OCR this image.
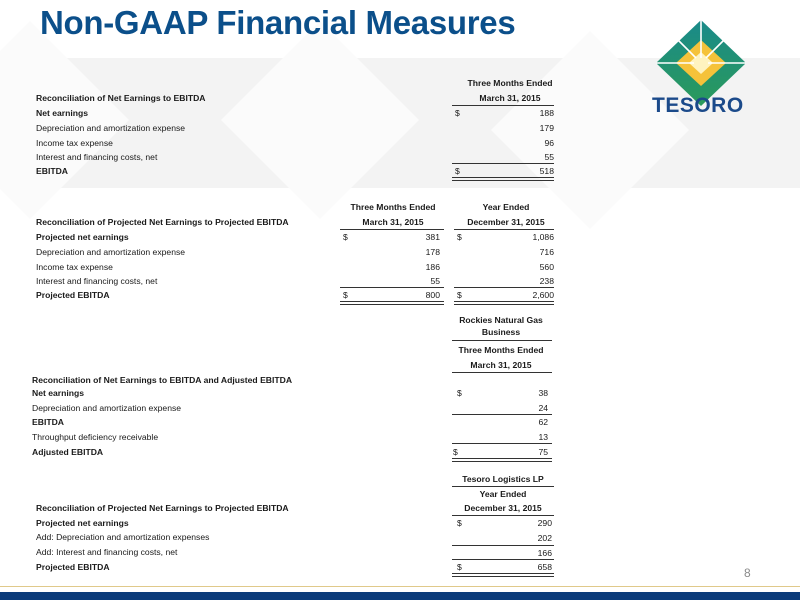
Non-GAAP Financial Measures
TESORO
Three Months Ended
March 31, 2015
Reconciliation of Net Earnings to EBITDA
Net earnings	$	188
Depreciation and amortization expense	179
Income tax expense	96
Interest and financing costs, net	55
EBITDA	$	518
Three Months Ended	Year Ended
Reconciliation of Projected Net Earnings to Projected EBITDA	March 31, 2015	December 31, 2015
Projected net earnings	$	381 $	1,086
Depreciation and amortization expense	178	716
Income tax expense	186	560
Interest and financing costs, net	55	238
Projected EBITDA	$	800 $	2,600
Rockies Natural Gas
Business
Three Months Ended
March 31, 2015
Reconciliation of Net Earnings to EBITDA and Adjusted EBITDA
Net earnings	$	38
Depreciation and amortization expense	24
EBITDA	62
Throughput deficiency receivable	13
Adjusted EBITDA	$	75
Tesoro Logistics LP
Year Ended
Reconciliation of Projected Net Earnings to Projected EBITDA	December 31, 2015
Projected net earnings	$	290
Add: Depreciation and amortization expenses	202
Add: Interest and financing costs, net	166
Projected EBITDA	$	658	8
